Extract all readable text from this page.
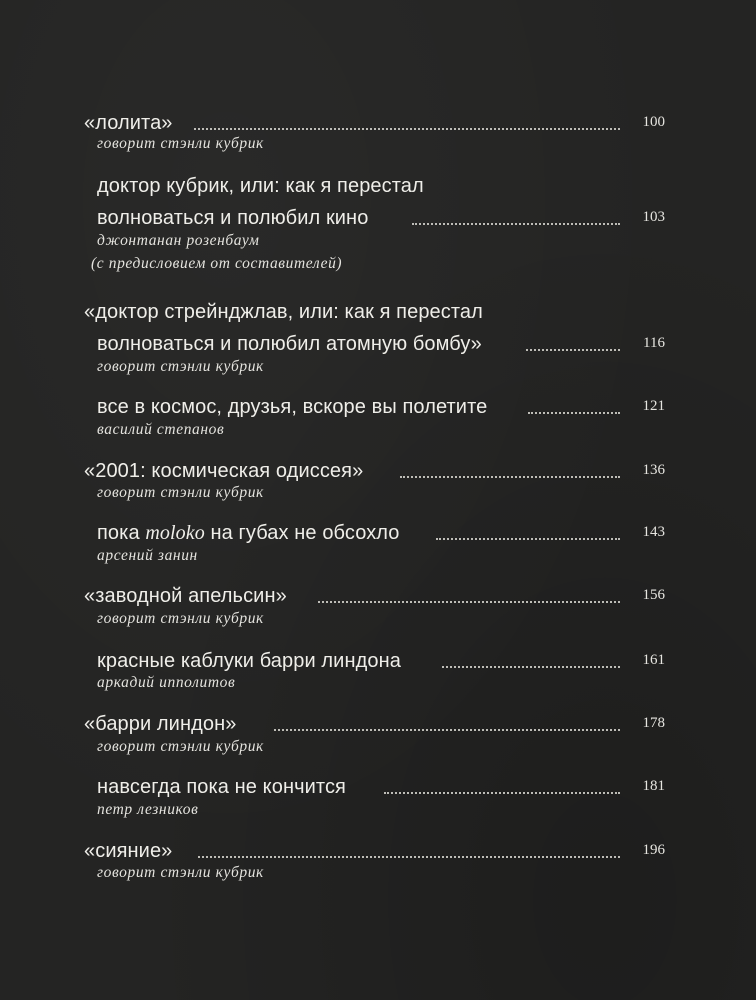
«лолита»	100
говорит стэнли кубрик
доктор кубрик, или: как я перестал
волноваться и полюбил кино	103
джонтанан розенбаум
(с предисловием от составителей)
«доктор стрейнджлав, или: как я перестал
волноваться и полюбил атомную бомбу»	116
говорит стэнли кубрик
все в космос, друзья, вскоре вы полетите	121
василий степанов
«2001: космическая одиссея»	136
говорит стэнли кубрик
пока moloko на губах не обсохло	143
арсений занин
«заводной апельсин»	156
говорит стэнли кубрик
красные каблуки барри линдона	161
аркадий ипполитов
«барри линдон»	178
говорит стэнли кубрик
навсегда пока не кончится	181
петр лезников
«сияние»	196
говорит стэнли кубрик
